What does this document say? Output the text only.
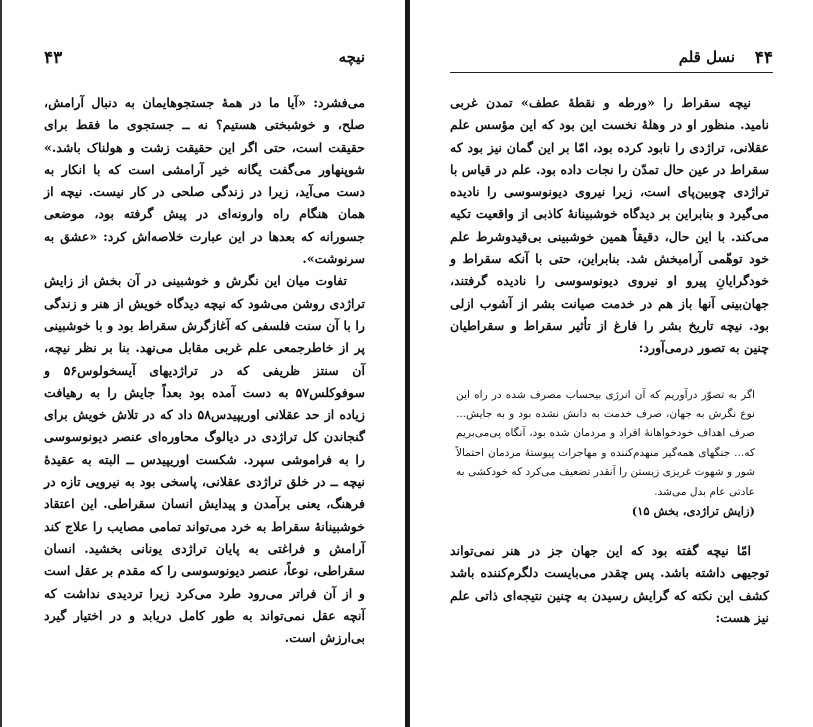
نیچه
۴۳

می‌فشرد: «آیا ما در همهٔ جستجوهایمان به دنبال آرامش، صلح، و خوشبختی هستیم؟ نه ــ جستجوی ما فقط برای حقیقت است، حتی اگر این حقیقت زشت و هولناک باشد.» شوپنهاور می‌گفت یگانه خیر آرامشی است که با انکار به دست می‌آید، زیرا در زندگی صلحی در کار نیست. نیچه از همان هنگام راه وارونه‌ای در پیش گرفته بود، موضعی جسورانه که بعدها در این عبارت خلاصه‌اش کرد: «عشق به سرنوشت».

تفاوت میان این نگرش و خوشبینی در آن بخش از زایش تراژدی روشن می‌شود که نیچه دیدگاه خویش از هنر و زندگی را با آن سنت فلسفی که آغازگرش سقراط بود و با خوشبینی پر از خاطرجمعی علم غربی مقابل می‌نهد. بنا بر نظر نیچه، آن سنتز ظریفی که در تراژدیهای آیسخولوس۵۶ و سوفوکلس۵۷ به دست آمده بود بعداً جایش را به رهیافت زیاده از حد عقلانی اوریپیدس۵۸ داد که در تلاش خویش برای گنجاندن کل تراژدی در دیالوگ محاوره‌ای عنصر دیونوسوسی را به فراموشی سپرد. شکست اوریپیدس ــ البته به عقیدهٔ نیچه ــ در خلق تراژدی عقلانی، پاسخی بود به نیرویی تازه در فرهنگ، یعنی برآمدن و پیدایش انسان سقراطی. این اعتقاد خوشبینانهٔ سقراط به خرد می‌تواند تمامی مصایب را علاج کند آرامش و فراغتی به پایان تراژدی یونانی بخشید. انسان سقراطی، نوعاً، عنصر دیونوسوسی را که مقدم بر عقل است و از آن فراتر می‌رود طرد می‌کرد زیرا تردیدی نداشت که آنچه عقل نمی‌تواند به طور کامل دریابد و در اختیار گیرد بی‌ارزش است.

۴۴
نسل قلم

نیچه سقراط را «ورطه و نقطهٔ عطف» تمدن غربی نامید. منظور او در وهلهٔ نخست این بود که این مؤسس علم عقلانی، تراژدی را نابود کرده بود، امّا بر این گمان نیز بود که سقراط در عین حال تمدّن را نجات داده بود. علم در قیاس با تراژدی چوبین‌پای است، زیرا نیروی دیونوسوسی را نادیده می‌گیرد و بنابراین بر دیدگاه خوشبینانهٔ کاذبی از واقعیت تکیه می‌کند. با این حال، دقیقاً همین خوشبینی بی‌قیدوشرط علم خود توهّمی آرامبخش شد. بنابراین، حتی با آنکه سقراط و خودگرایانِ پیرو او نیروی دیونوسوسی را نادیده گرفتند، جهان‌بینی آنها باز هم در خدمت صیانت بشر از آشوب ازلی بود. نیچه تاریخ بشر را فارغ از تأثیر سقراط و سقراطیان چنین به تصور درمی‌آورد:

اگر به تصوّر درآوریم که آن انرژی بیحساب مصرف شده در راه این نوع نگرش به جهان، صرف خدمت به دانش نشده بود و به جایش... صرف اهداف خودخواهانهٔ افراد و مردمان شده بود، آنگاه پی‌می‌بریم که... جنگهای همه‌گیر منهدم‌کننده و مهاجرات پیوستهٔ مردمان احتمالاً شور و شهوت غریزی زیستن را آنقدر تضعیف می‌کرد که خودکشی به عادتی عام بدل می‌شد.
(زایش تراژدی، بخش ۱۵)

امّا نیچه گفته بود که این جهان جز در هنر نمی‌تواند توجیهی داشته باشد. پس چقدر می‌بایست دلگرم‌کننده باشد کشف این نکته که گرایش رسیدن به چنین نتیجه‌ای ذاتی علم نیز هست:
